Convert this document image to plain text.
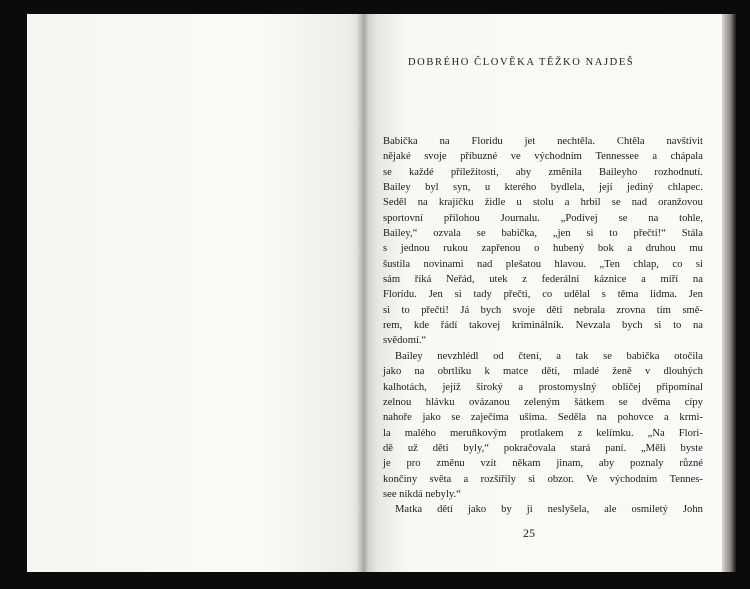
DOBRÉHO ČLOVĚKA TĚŽKO NAJDEŠ
Babička na Floridu jet nechtěla. Chtěla navštívit
nějaké svoje příbuzné ve východním Tennessee a chápala
se každé příležitosti, aby změnila Baileyho rozhodnutí.
Bailey byl syn, u kterého bydlela, její jediný chlapec.
Seděl na krajíčku židle u stolu a hrbil se nad oranžovou
sportovní přílohou Journalu. „Podívej se na tohle,
Bailey,“ ozvala se babička, „jen si to přečti!“ Stála
s jednou rukou zapřenou o hubený bok a druhou mu
šustila novinami nad plešatou hlavou. „Ten chlap, co si
sám říká Neřád, utek z federální káznice a míří na
Floridu. Jen si tady přečti, co udělal s těma lidma. Jen
si to přečti! Já bych svoje děti nebrala zrovna tím smě-
rem, kde řádí takovej kriminálník. Nevzala bych si to na
svědomí.“
Bailey nevzhlédl od čtení, a tak se babička otočila
jako na obrtlíku k matce dětí, mladé ženě v dlouhých
kalhotách, jejíž široký a prostomyslný obličej připomínal
zelnou hlávku ovázanou zeleným šátkem se dvěma cípy
nahoře jako se zaječíma ušima. Seděla na pohovce a krmi-
la malého meruňkovým protlakem z kelímku. „Na Flori-
dě už děti byly,“ pokračovala stará paní. „Měli byste
je pro změnu vzít někam jinam, aby poznaly různé
končiny světa a rozšířily si obzor. Ve východním Tennes-
see nikdá nebyly.“
Matka dětí jako by ji neslyšela, ale osmiletý John
25
